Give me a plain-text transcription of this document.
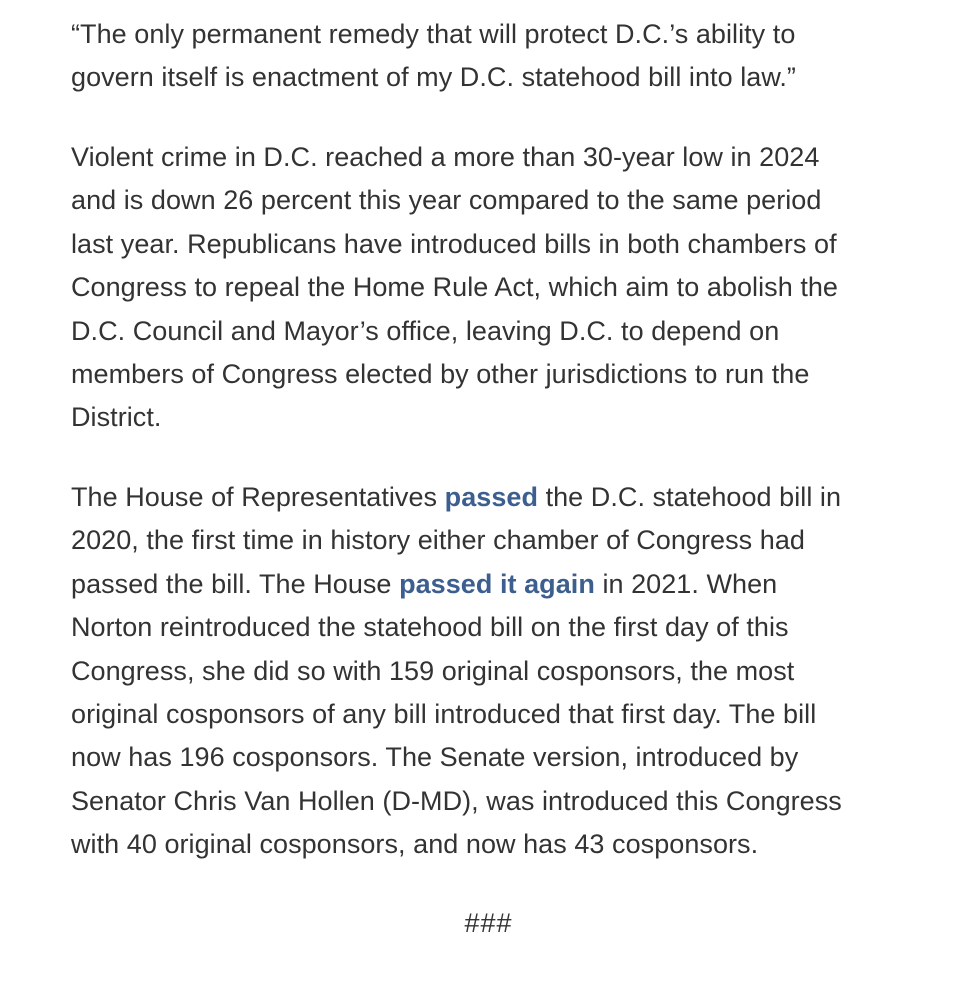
“The only permanent remedy that will protect D.C.’s ability to
govern itself is enactment of my D.C. statehood bill into law.”

Violent crime in D.C. reached a more than 30-year low in 2024
and is down 26 percent this year compared to the same period
last year. Republicans have introduced bills in both chambers of
Congress to repeal the Home Rule Act, which aim to abolish the
D.C. Council and Mayor’s office, leaving D.C. to depend on
members of Congress elected by other jurisdictions to run the
District.

The House of Representatives passed the D.C. statehood bill in
2020, the first time in history either chamber of Congress had
passed the bill. The House passed it again in 2021. When
Norton reintroduced the statehood bill on the first day of this
Congress, she did so with 159 original cosponsors, the most
original cosponsors of any bill introduced that first day. The bill
now has 196 cosponsors. The Senate version, introduced by
Senator Chris Van Hollen (D-MD), was introduced this Congress
with 40 original cosponsors, and now has 43 cosponsors.

###
